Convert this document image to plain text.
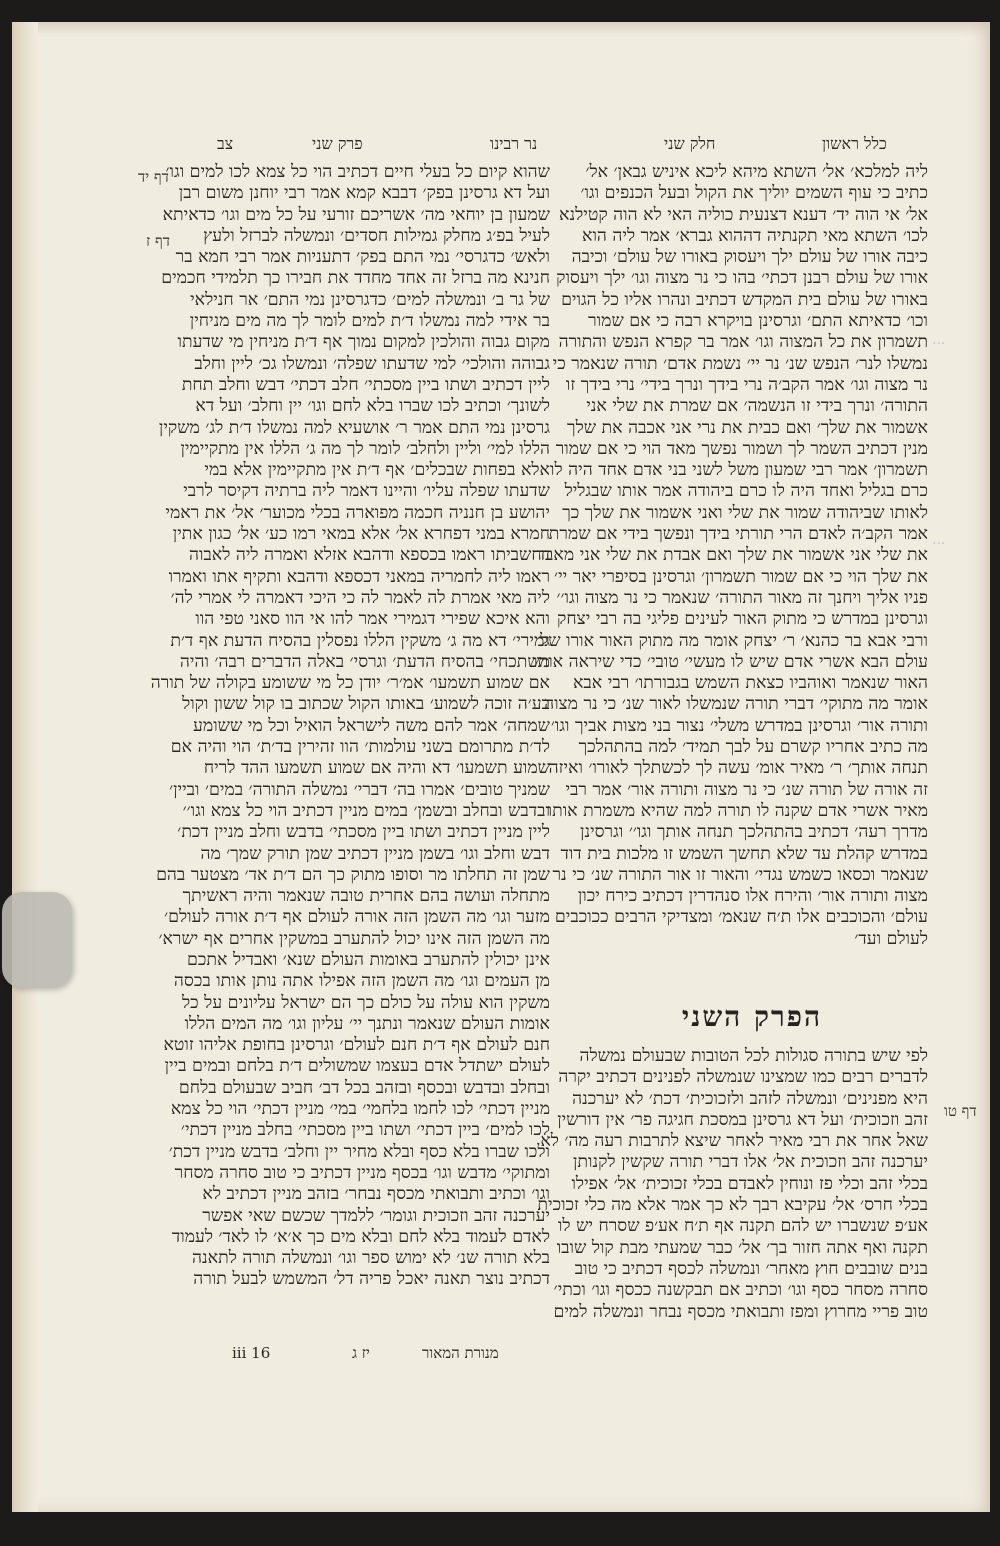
...
...
צב	פרק שני	נר רבינו	חלק שני	כלל ראשון
דף יד
דף ז
דף טו
שהוא קיום כל בעלי חיים דכתיב הוי כל צמא לכו למים וגו׳
ועל דא גרסינן בפק׳ דבבא קמא אמר רבי יוחנן משום רבן
שמעון בן יוחאי מה׳ אשריכם זורעי על כל מים וגו׳ כדאיתא
לעיל בפ׳ג מחלק גמילות חסדים׳ ונמשלה לברזל ולעץ
ולאש׳ כדגרסי׳ נמי התם בפק׳ דתעניות אמר רבי חמא בר
חנינא מה ברזל זה אחד מחדד את חבירו כך תלמידי חכמים
של גר ב׳ ונמשלה למים׳ כדגרסינן נמי התם׳ אר חנילאי
בר אידי למה נמשלו ד׳ת למים לומר לך מה מים מניחין
מקום גבוה והולכין למקום נמוך אף ד׳ת מניחין מי שדעתו
גבוהה והולכי׳ למי שדעתו שפלה׳ ונמשלו גכ׳ ליין וחלב
ליין דכתיב ושתו ביין מסכתי׳ חלב דכתי׳ דבש וחלב תחת
לשונך׳ וכתיב לכו שברו בלא לחם וגו׳ יין וחלב׳ ועל דא
גרסינן נמי התם אמר ר׳ אושעיא למה נמשלו ד׳ת לג׳ משקין
הללו למי׳ וליין ולחלב׳ לומר לך מה ג׳ הללו אין מתקיימין
אלא בפחות שבכלים׳ אף ד׳ת אין מתקיימין אלא במי
שדעתו שפלה עליו׳ והיינו דאמר ליה ברתיה דקיסר לרבי
יהושע בן חנניה חכמה מפוארה בכלי מכוער׳ אל׳ את ראמי
חמרא במני דפחרא אל׳ אלא במאי רמו כע׳ אל׳ כגון אתין
דחשביתו ראמו בכספא ודהבא אזלא ואמרה ליה לאבוה
ראמו ליה לחמריה במאני דכספא ודהבא ותקיף אתו ואמרו
ליה מאי אמרת לה לאמר לה כי היכי דאמרה לי אמרי לה׳
והא איכא שפירי דגמירי אמר להו אי הוו סאני טפי הוו
גמירי׳ דא מה ג׳ משקין הללו נפסלין בהסיח הדעת אף ד׳ת
משתכחי׳ בהסיח הדעת׳ וגרסי׳ באלה הדברים רבה׳ והיה
אם שמוע תשמעו׳ אמ׳ר׳ יודן כל מי ששומע בקולה של תורה
בע׳ה זוכה לשמוע׳ באותו הקול שכתוב בו קול ששון וקול
שמחה׳ אמר להם משה לישראל הואיל וכל מי ששומע
לד׳ת מתרומם בשני עולמות׳ הוו זהירין בד׳ת׳ הוי והיה אם
שמוע תשמעו׳ דא והיה אם שמוע תשמעו ההד לריח
שמניך טובים׳ אמרו בה׳ דברי׳ נמשלה התורה׳ במים׳ וביין׳
ובדבש ובחלב ובשמן׳ במים מניין דכתיב הוי כל צמא וגו׳׳
ליין מניין דכתיב ושתו ביין מסכתי׳ בדבש וחלב מניין דכת׳
דבש וחלב וגו׳ בשמן מניין דכתיב שמן תורק שמך׳ מה
שמן זה תחלתו מר וסופו מתוק כך הם ד׳ת אד׳ מצטער בהם
מתחלה ועושה בהם אחרית טובה שנאמר והיה ראשיתך
מזער וגו׳ מה השמן הזה אורה לעולם אף ד׳ת אורה לעולם׳
מה השמן הזה אינו יכול להתערב במשקין אחרים אף ישרא׳
אינן יכולין להתערב באומות העולם שנא׳ ואבדיל אתכם
מן העמים וגו׳ מה השמן הזה אפילו אתה נותן אותו בכסה
משקין הוא עולה על כולם כך הם ישראל עליונים על כל
אומות העולם שנאמר ונתנך יי׳ עליון וגו׳ מה המים הללו
חנם לעולם אף ד׳ת חנם לעולם׳ וגרסינן בחופת אליהו זוטא
לעולם ישתדל אדם בעצמו שמשולים ד׳ת בלחם ובמים ביין
ובחלב ובדבש ובכסף ובזהב בכל דב׳ חביב שבעולם בלחם
מניין דכתי׳ לכו לחמו בלחמי׳ במי׳ מניין דכתי׳ הוי כל צמא
לכו למים׳ ביין דכתי׳ ושתו ביין מסכתי׳ בחלב מניין דכתי׳
ולכו שברו בלא כסף ובלא מחיר יין וחלב׳ בדבש מניין דכת׳
ומתוקי׳ מדבש וגו׳ בכסף מניין דכתיב כי טוב סחרה מסחר
וגו׳ וכתיב ותבואתי מכסף נבחר׳ בזהב מניין דכתיב לא
יערכנה זהב וזכוכית וגומר׳ ללמדך שכשם שאי אפשר
לאדם לעמוד בלא לחם ובלא מים כך א׳א׳ לו לאד׳ לעמוד
בלא תורה שנ׳ לא ימוש ספר וגו׳ ונמשלה תורה לתאנה
דכתיב נוצר תאנה יאכל פריה דל׳ המשמש לבעל תורה
ליה למלכא׳ אל׳ השתא מיהא ליכא איניש גבאן׳ אל׳
כתיב כי עוף השמים יוליך את הקול ובעל הכנפים וגו׳
אל׳ אי הוה יד׳ דענא דצנעית כוליה האי לא הוה קטילנא
לכו׳ השתא מאי תקנתיה דההוא גברא׳ אמר ליה הוא
כיבה אורו של עולם ילך ויעסוק באורו של עולם׳ וכיבה
אורו של עולם רבנן דכתי׳ בהו כי נר מצוה וגו׳ ילך ויעסוק
באורו של עולם בית המקדש דכתיב ונהרו אליו כל הגוים
וכו׳ כדאיתא התם׳ וגרסינן בויקרא רבה כי אם שמור
תשמרון את כל המצוה וגו׳ אמר בר קפרא הנפש והתורה
נמשלו לנר׳ הנפש שנ׳ נר יי׳ נשמת אדם׳ תורה שנאמר כי
נר מצוה וגו׳ אמר הקב׳ה נרי בידך ונרך בידי׳ נרי בידך זו
התורה׳ ונרך בידי זו הנשמה׳ אם שמרת את שלי אני
אשמור את שלך׳ ואם כבית את נרי אני אכבה את שלך
מנין דכתיב השמר לך ושמור נפשך מאד הוי כי אם שמור
תשמרון׳ אמר רבי שמעון משל לשני בני אדם אחד היה לו
כרם בגליל ואחד היה לו כרם ביהודה אמר אותו שבגליל
לאותו שביהודה שמור את שלי ואני אשמור את שלך כך
אמר הקב׳ה לאדם הרי תורתי בידך ונפשך בידי אם שמרת
את שלי אני אשמור את שלך ואם אבדת את שלי אני מאבד
את שלך הוי כי אם שמור תשמרון׳ וגרסינן בסיפרי יאר יי׳
פניו אליך ויחנך זה מאור התורה׳ שנאמר כי נר מצוה וגו׳׳
וגרסינן במדרש כי מתוק האור לעינים פליגי בה רבי יצחק
ורבי אבא בר כהנא׳ ר׳ יצחק אומר מה מתוק האור אורו של
עולם הבא אשרי אדם שיש לו מעשי׳ טובי׳ כדי שיראה אותו
האור שנאמר ואוהביו כצאת השמש בגבורתו׳ רבי אבא
אומר מה מתוקי׳ דברי תורה שנמשלו לאור שנ׳ כי נר מצוה
ותורה אור׳ וגרסינן במדרש משלי׳ נצור בני מצות אביך וגו׳
מה כתיב אחריו קשרם על לבך תמיד׳ למה בהתהלכך
תנחה אותך׳ ר׳ מאיר אומ׳ עשה לך לכשתלך לאורו׳ ואיזה
זה אורה של תורה שנ׳ כי נר מצוה ותורה אור׳ אמר רבי
מאיר אשרי אדם שקנה לו תורה למה שהיא משמרת אותו
מדרך רעה׳ דכתיב בהתהלכך תנחה אותך וגו׳׳ וגרסינן
במדרש קהלת עד שלא תחשך השמש זו מלכות בית דוד
שנאמר וכסאו כשמש נגדי׳ והאור זו אור התורה שנ׳ כי נר
מצוה ותורה אור׳ והירח אלו סנהדרין דכתיב כירח יכון
עולם׳ והכוכבים אלו ת׳ח שנאמ׳ ומצדיקי הרבים ככוכבים
לעולם ועד׳
הפרק השני
לפי שיש בתורה סגולות לכל הטובות שבעולם נמשלה
לדברים רבים כמו שמצינו שנמשלה לפנינים דכתיב יקרה
היא מפנינים׳ ונמשלה לזהב ולזכוכית׳ דכת׳ לא יערכנה
זהב וזכוכית׳ ועל דא גרסינן במסכת חגיגה פר׳ אין דורשין
שאל אחר את רבי מאיר לאחר שיצא לתרבות רעה מה׳ לא
יערכנה זהב וזכוכית אל׳ אלו דברי תורה שקשין לקנותן
בכלי זהב וכלי פז ונוחין לאבדם בכלי זכוכית׳ אל׳ אפילו
בכלי חרס׳ אל׳ עקיבא רבך לא כך אמר אלא מה כלי זכוכית
אע׳פ שנשברו יש להם תקנה אף ת׳ח אע׳פ שסרח יש לו
תקנה ואף אתה חזור בך׳ אל׳ כבר שמעתי מבת קול שובו
בנים שובבים חוץ מאחר׳ ונמשלה לכסף דכתיב כי טוב
סחרה מסחר כסף וגו׳ וכתיב אם תבקשנה ככסף וגו׳ וכתי׳
טוב פריי מחרוץ ומפז ותבואתי מכסף נבחר ונמשלה למים
iii 16	יז ג	מנורת המאור
